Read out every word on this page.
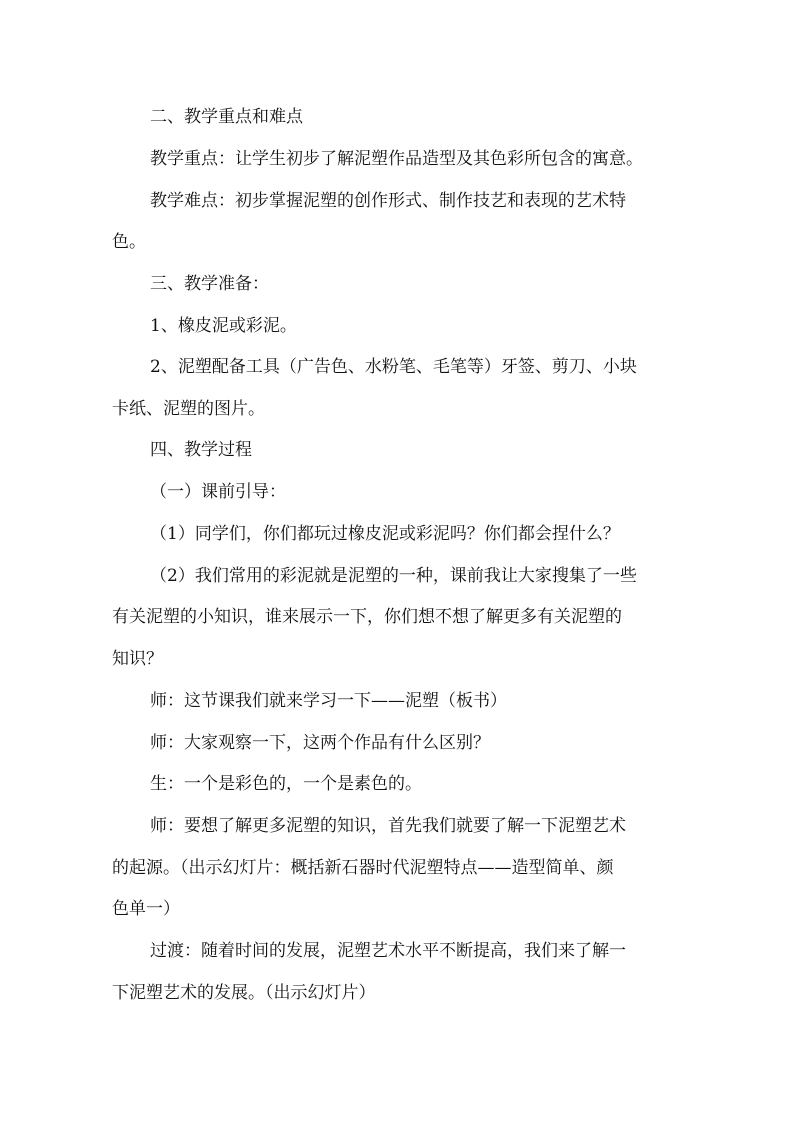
二、教学重点和难点
教学重点：让学生初步了解泥塑作品造型及其色彩所包含的寓意。
教学难点：初步掌握泥塑的创作形式、制作技艺和表现的艺术特
色。
三、教学准备：
1、橡皮泥或彩泥。
2、泥塑配备工具（广告色、水粉笔、毛笔等）牙签、剪刀、小块
卡纸、泥塑的图片。
四、教学过程
（一）课前引导：
（1）同学们，你们都玩过橡皮泥或彩泥吗？你们都会捏什么？
（2）我们常用的彩泥就是泥塑的一种，课前我让大家搜集了一些
有关泥塑的小知识，谁来展示一下，你们想不想了解更多有关泥塑的
知识？
师：这节课我们就来学习一下——泥塑（板书）
师：大家观察一下，这两个作品有什么区别？
生：一个是彩色的，一个是素色的。
师：要想了解更多泥塑的知识，首先我们就要了解一下泥塑艺术
的起源。（出示幻灯片：概括新石器时代泥塑特点——造型简单、颜
色单一）
过渡：随着时间的发展，泥塑艺术水平不断提高，我们来了解一
下泥塑艺术的发展。（出示幻灯片）
